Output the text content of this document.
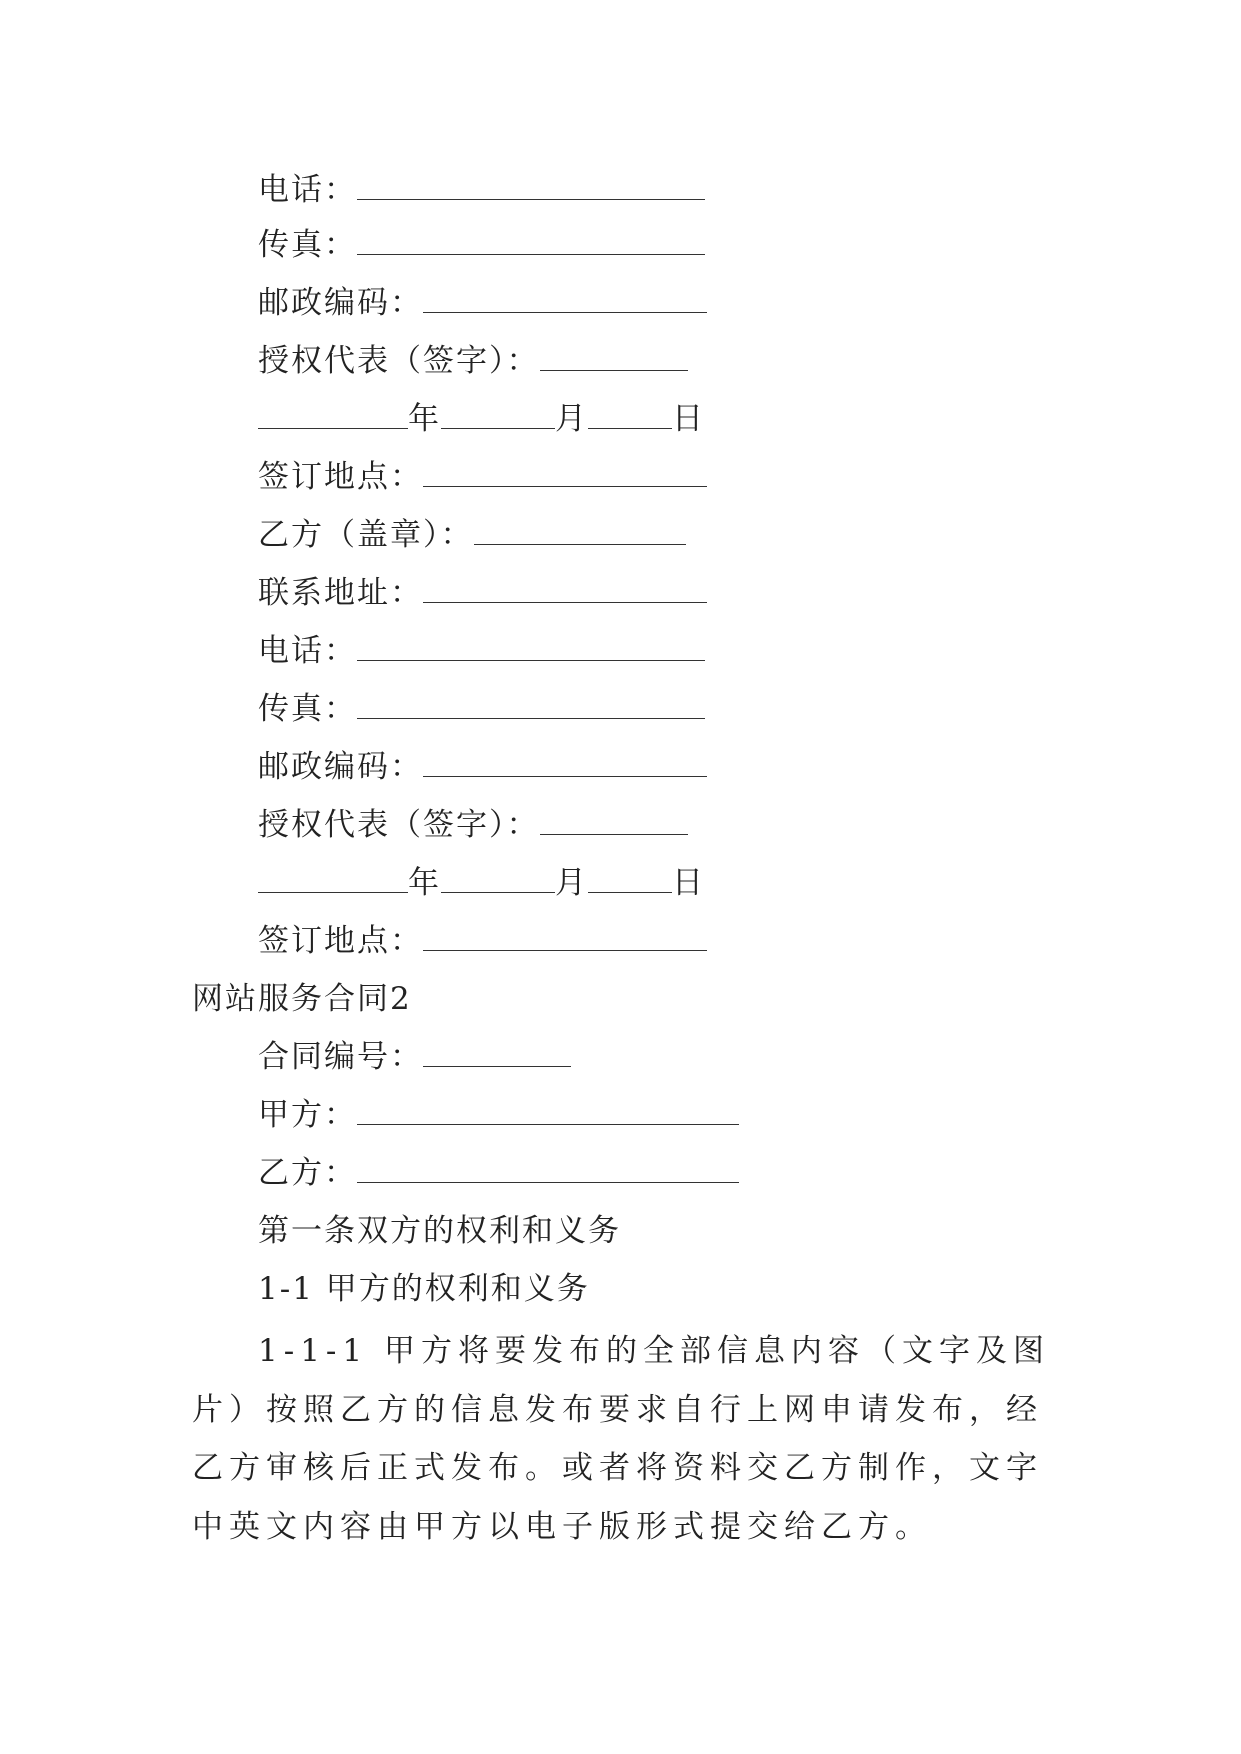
电话：
传真：
邮政编码：
授权代表（签字）：
年	月	日
签订地点：
乙方（盖章）：
联系地址：
电话：
传真：
邮政编码：
授权代表（签字）：
年	月	日
签订地点：
网站服务合同2
合同编号：
甲方：
乙方：
第一条双方的权利和义务
1-1 甲方的权利和义务
1-1-1 甲方将要发布的全部信息内容（文字及图片）按照乙方的信息发布要求自行上网申请发布，经乙方审核后正式发布。或者将资料交乙方制作，文字中英文内容由甲方以电子版形式提交给乙方。
